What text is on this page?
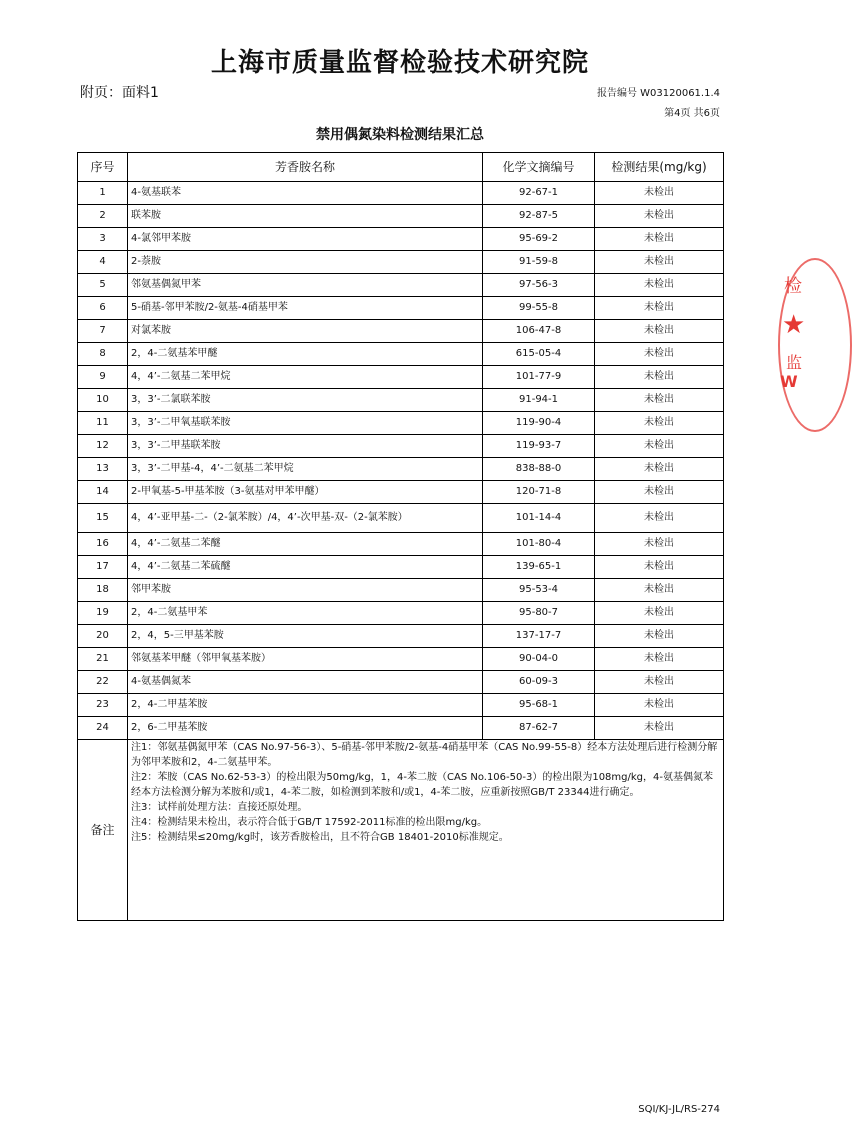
上海市质量监督检验技术研究院
附页：面料1	报告编号 W03120061.1.4
第4页 共6页
禁用偶氮染料检测结果汇总
序号	芳香胺名称	化学文摘编号	检测结果(mg/kg)
1	4-氨基联苯	92-67-1	未检出
2	联苯胺	92-87-5	未检出
3	4-氯邻甲苯胺	95-69-2	未检出
4	2-萘胺	91-59-8	未检出
5	邻氨基偶氮甲苯	97-56-3	未检出
6	5-硝基-邻甲苯胺/2-氨基-4硝基甲苯	99-55-8	未检出
7	对氯苯胺	106-47-8	未检出
8	2，4-二氨基苯甲醚	615-05-4	未检出
9	4，4’-二氨基二苯甲烷	101-77-9	未检出
10	3，3’-二氯联苯胺	91-94-1	未检出
11	3，3’-二甲氧基联苯胺	119-90-4	未检出
12	3，3’-二甲基联苯胺	119-93-7	未检出
13	3，3’-二甲基-4，4’-二氨基二苯甲烷	838-88-0	未检出
14	2-甲氧基-5-甲基苯胺（3-氨基对甲苯甲醚）	120-71-8	未检出
15	4，4’-亚甲基-二-（2-氯苯胺）/4，4’-次甲基-双-（2-氯苯胺）	101-14-4	未检出
16	4，4’-二氨基二苯醚	101-80-4	未检出
17	4，4’-二氨基二苯硫醚	139-65-1	未检出
18	邻甲苯胺	95-53-4	未检出
19	2，4-二氨基甲苯	95-80-7	未检出
20	2，4，5-三甲基苯胺	137-17-7	未检出
21	邻氨基苯甲醚（邻甲氧基苯胺）	90-04-0	未检出
22	4-氨基偶氮苯	60-09-3	未检出
23	2，4-二甲基苯胺	95-68-1	未检出
24	2，6-二甲基苯胺	87-62-7	未检出
备注	注1：邻氨基偶氮甲苯（CAS No.97-56-3）、5-硝基-邻甲苯胺/2-氨基-4硝基甲苯（CAS No.99-55-8）经本方法处理后进行检测分解为邻甲苯胺和2，4-二氨基甲苯。
注2：苯胺（CAS No.62-53-3）的检出限为50mg/kg，1，4-苯二胺（CAS No.106-50-3）的检出限为108mg/kg，4-氨基偶氮苯经本方法检测分解为苯胺和/或1，4-苯二胺，如检测到苯胺和/或1，4-苯二胺，应重新按照GB/T 23344进行确定。
注3：试样前处理方法：直接还原处理。
注4：检测结果未检出，表示符合低于GB/T 17592-2011标准的检出限mg/kg。
注5：检测结果≤20mg/kg时，该芳香胺检出，且不符合GB 18401-2010标准规定。		
SQI/KJ-JL/RS-274
检
★
监
W
